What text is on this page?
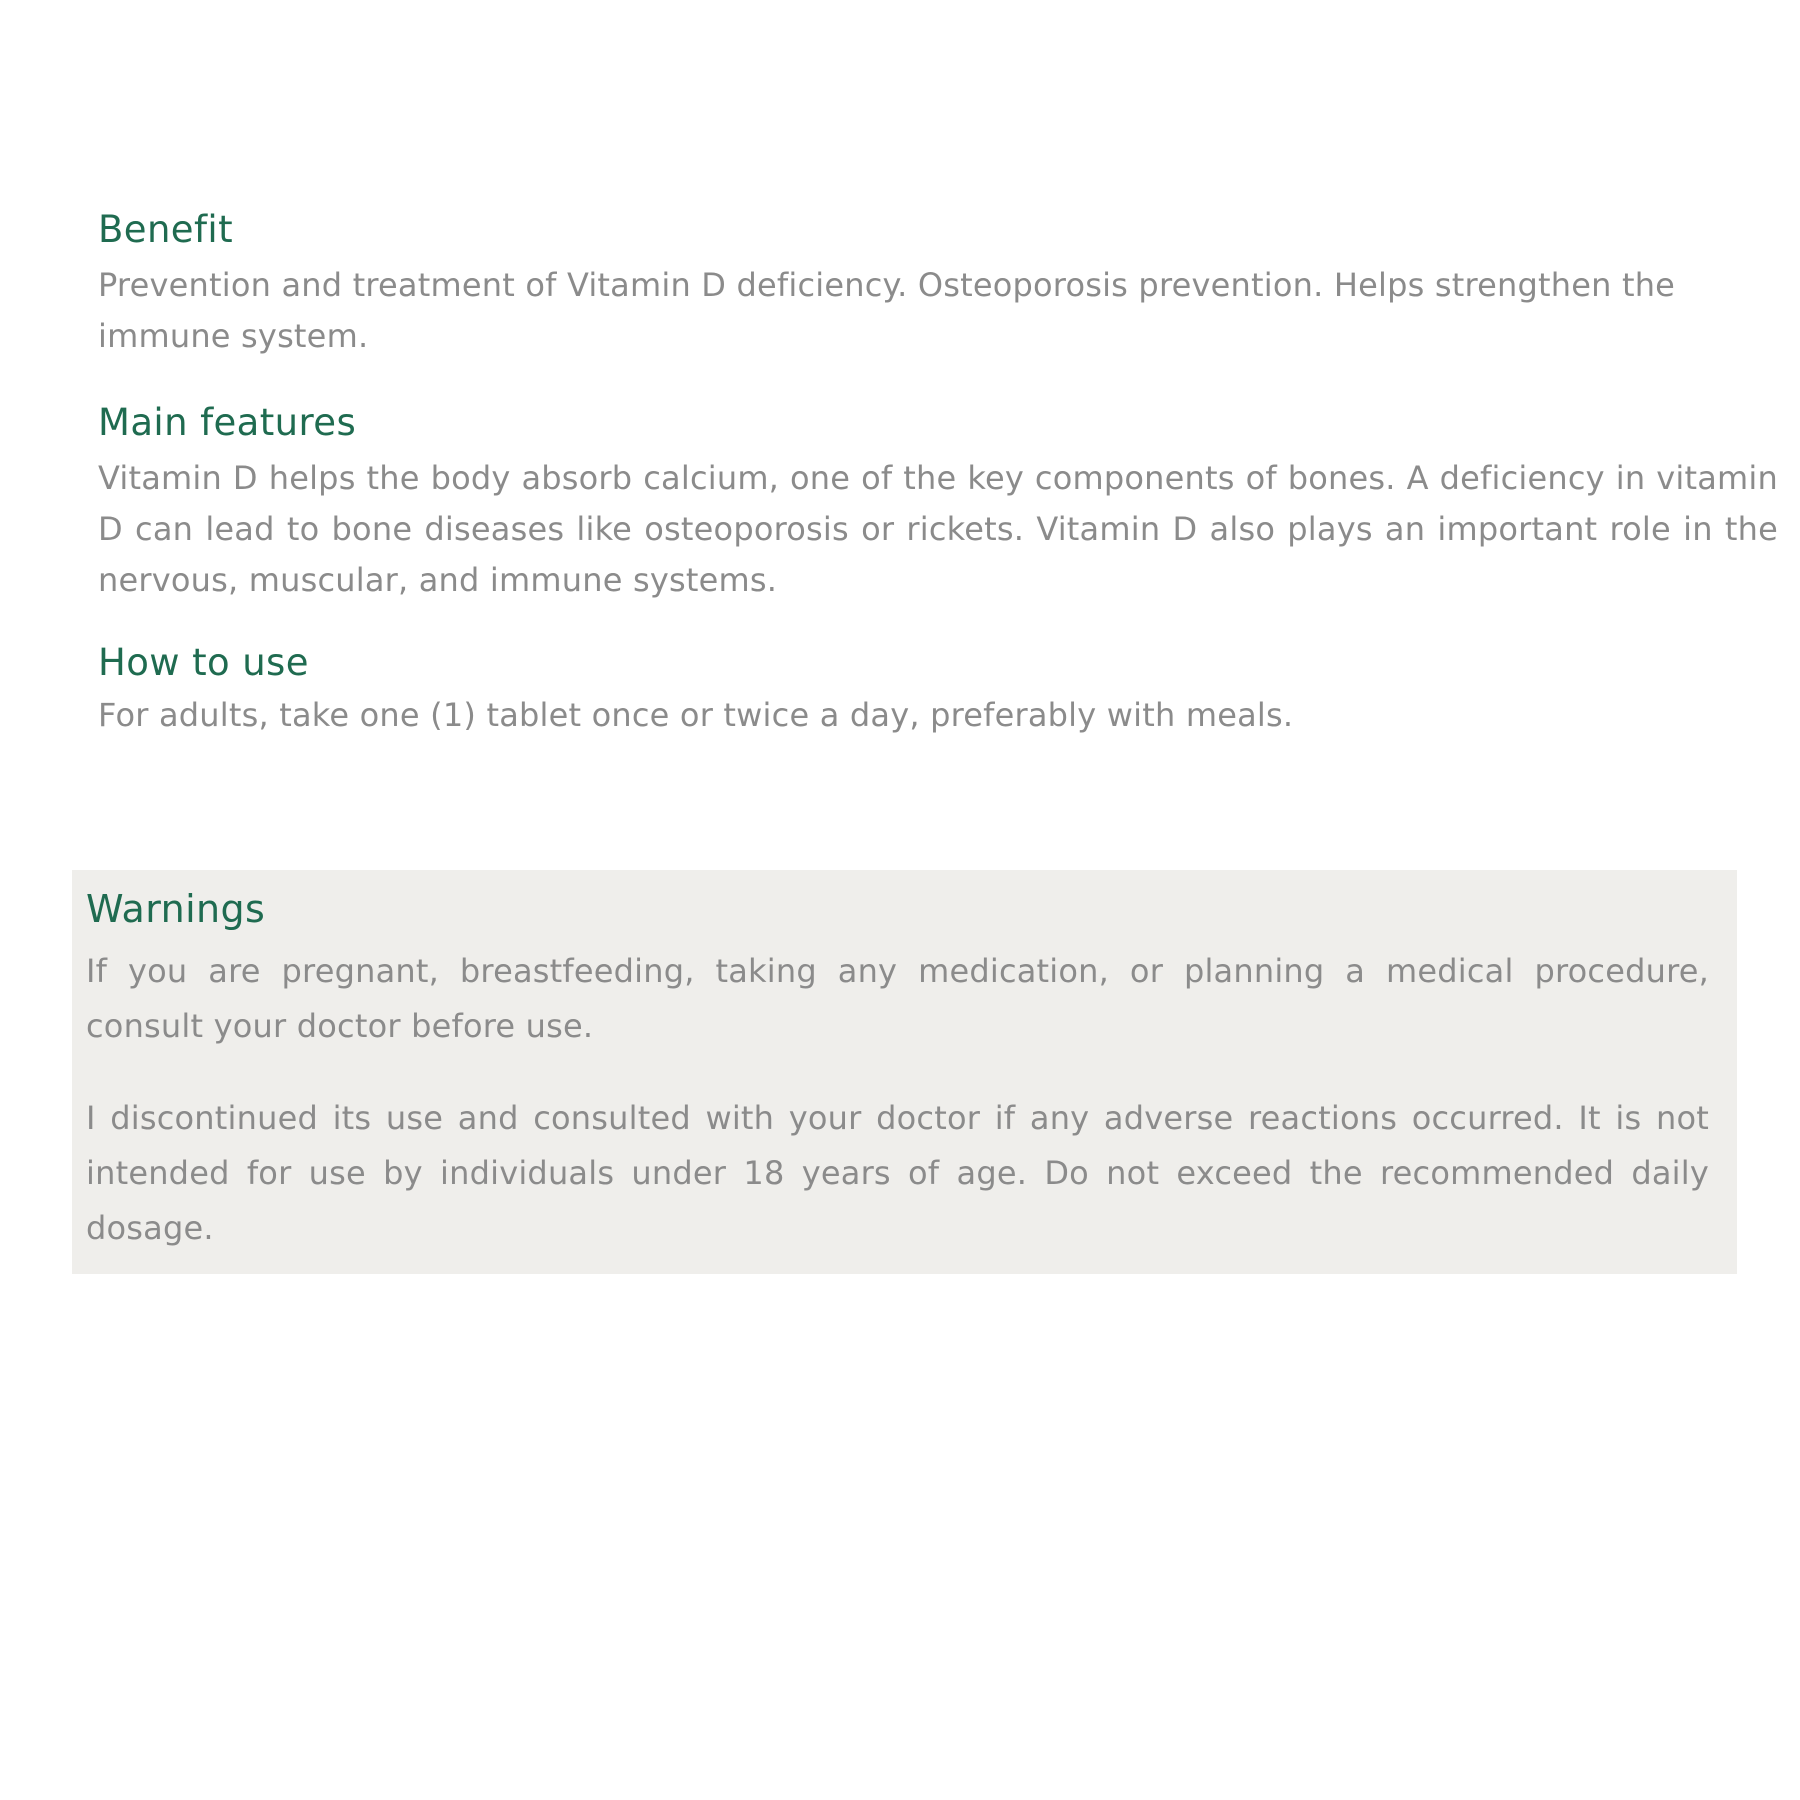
Benefit

Prevention and treatment of Vitamin D deficiency. Osteoporosis prevention. Helps strengthen the immune system.

Main features

Vitamin D helps the body absorb calcium, one of the key components of bones. A deficiency in vitamin D can lead to bone diseases like osteoporosis or rickets. Vitamin D also plays an important role in the nervous, muscular, and immune systems.

How to use

For adults, take one (1) tablet once or twice a day, preferably with meals.

Warnings

If you are pregnant, breastfeeding, taking any medication, or planning a medical procedure, consult your doctor before use.

I discontinued its use and consulted with your doctor if any adverse reactions occurred. It is not intended for use by individuals under 18 years of age. Do not exceed the recommended daily dosage.
